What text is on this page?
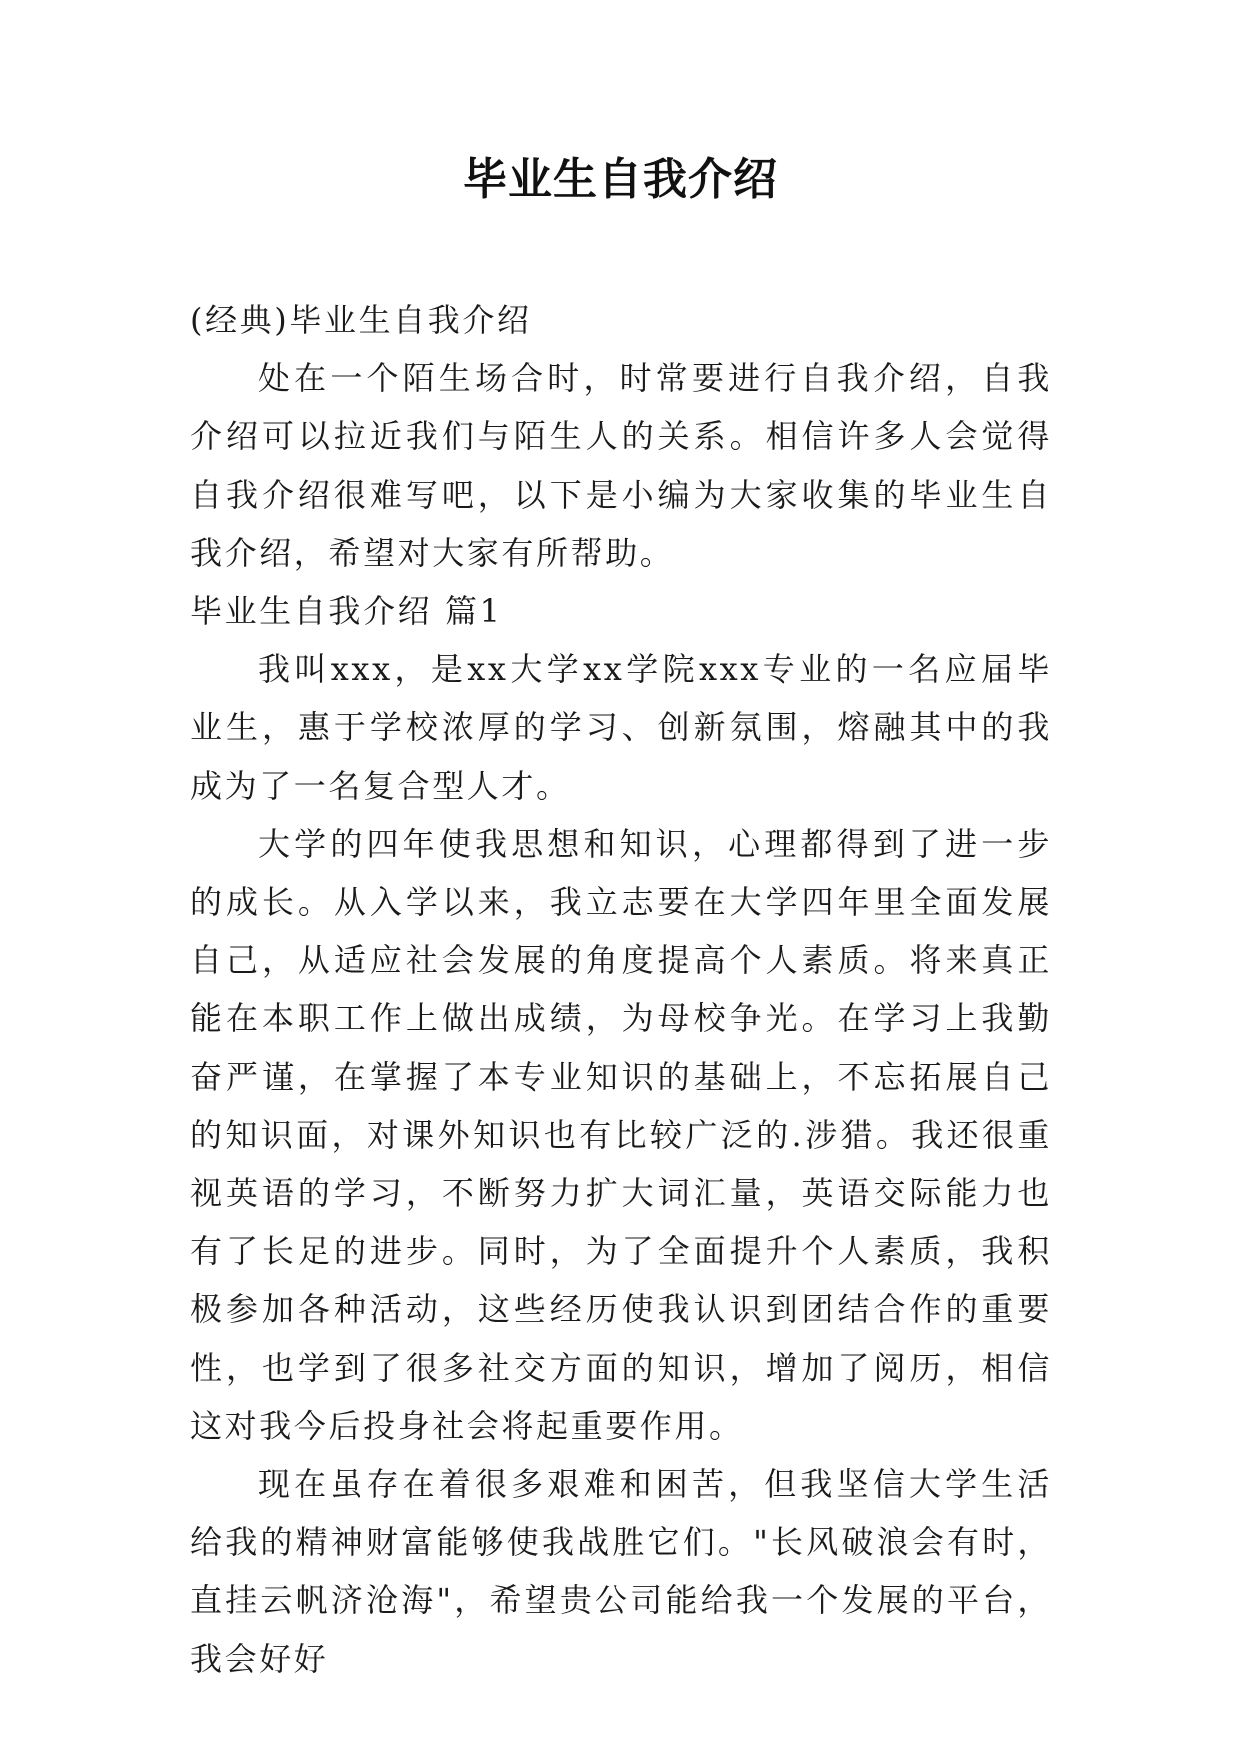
毕业生自我介绍

(经典)毕业生自我介绍

处在一个陌生场合时，时常要进行自我介绍，自我介绍可以拉近我们与陌生人的关系。相信许多人会觉得自我介绍很难写吧，以下是小编为大家收集的毕业生自我介绍，希望对大家有所帮助。

毕业生自我介绍 篇1

我叫xxx，是xx大学xx学院xxx专业的一名应届毕业生，惠于学校浓厚的学习、创新氛围，熔融其中的我成为了一名复合型人才。

大学的四年使我思想和知识，心理都得到了进一步的成长。从入学以来，我立志要在大学四年里全面发展自己，从适应社会发展的角度提高个人素质。将来真正能在本职工作上做出成绩，为母校争光。在学习上我勤奋严谨，在掌握了本专业知识的基础上，不忘拓展自己的知识面，对课外知识也有比较广泛的.涉猎。我还很重视英语的学习，不断努力扩大词汇量，英语交际能力也有了长足的进步。同时，为了全面提升个人素质，我积极参加各种活动，这些经历使我认识到团结合作的重要性，也学到了很多社交方面的知识，增加了阅历，相信这对我今后投身社会将起重要作用。

现在虽存在着很多艰难和困苦，但我坚信大学生活给我的精神财富能够使我战胜它们。"长风破浪会有时，直挂云帆济沧海"，希望贵公司能给我一个发展的平台，我会好好
